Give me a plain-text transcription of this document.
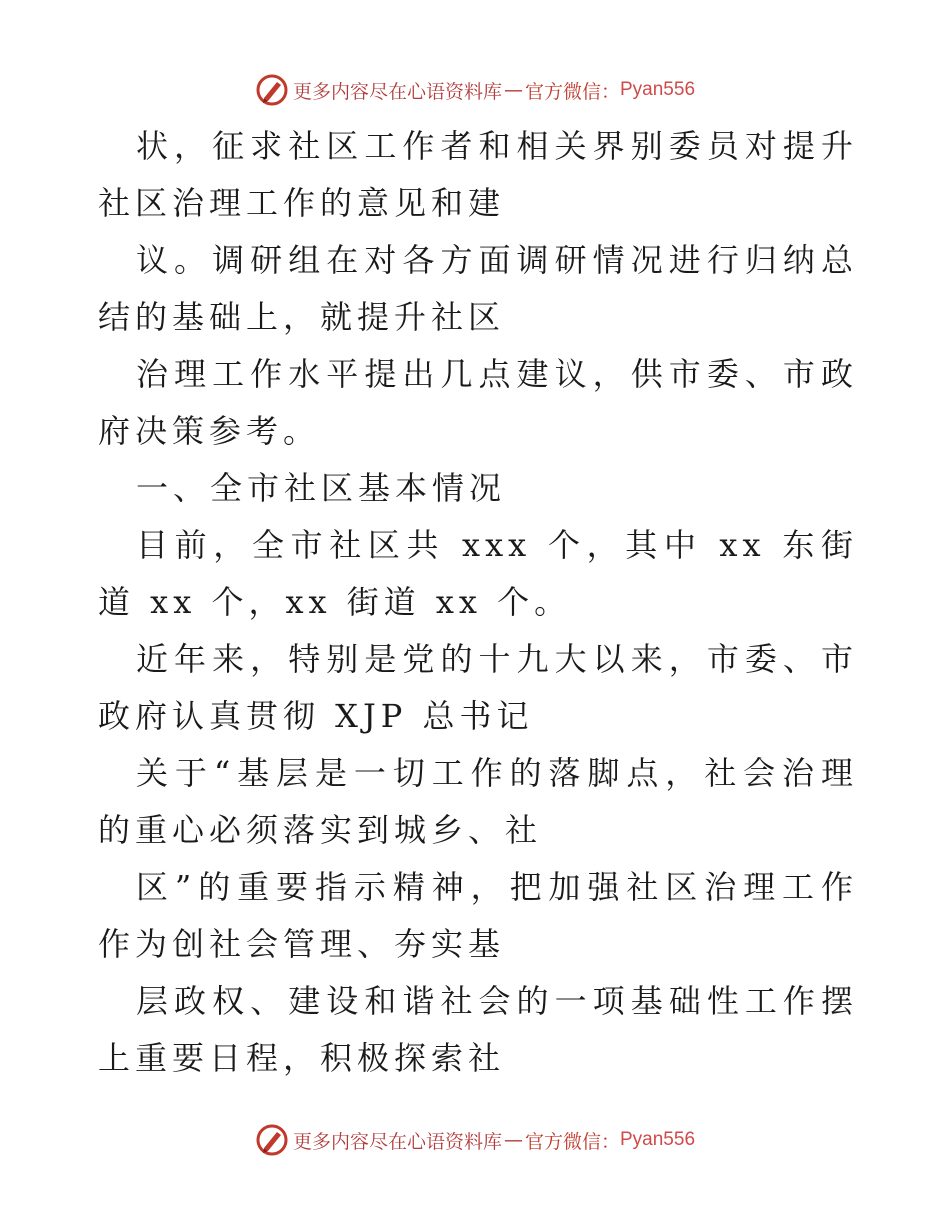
更多内容尽在心语资料库 — 官方微信： Pyan556

状，征求社区工作者和相关界别委员对提升社区治理工作的意见和建

议。调研组在对各方面调研情况进行归纳总结的基础上，就提升社区

治理工作水平提出几点建议，供市委、市政府决策参考。

一、全市社区基本情况

目前，全市社区共 xxx 个，其中 xx 东街道 xx 个，xx 街道 xx 个。

近年来，特别是党的十九大以来，市委、市政府认真贯彻 XJP 总书记

关于“基层是一切工作的落脚点，社会治理的重心必须落实到城乡、社

区”的重要指示精神，把加强社区治理工作作为创社会管理、夯实基

层政权、建设和谐社会的一项基础性工作摆上重要日程，积极探索社

更多内容尽在心语资料库 — 官方微信： Pyan556
